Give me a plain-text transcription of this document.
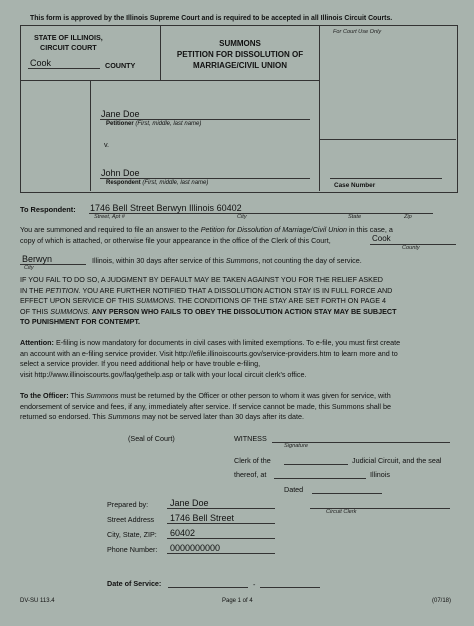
This form is approved by the Illinois Supreme Court and is required to be accepted in all Illinois Circuit Courts.
STATE OF ILLINOIS,
CIRCUIT COURT
Cook	COUNTY
SUMMONS
PETITION FOR DISSOLUTION OF
MARRIAGE/CIVIL UNION
For Court Use Only
Jane Doe
Petitioner (First, middle, last name)
v.
John Doe
Respondent (First, middle, last name)	Case Number
To Respondent: 1746 Bell Street Berwyn Illinois 60402
Street, Apt #	City	State	Zip
You are summoned and required to file an answer to the Petition for Dissolution of Marriage/Civil Union in this case, a
copy of which is attached, or otherwise file your appearance in the office of the Clerk of this Court,	Cook
County
Berwyn
City
Illinois, within 30 days after service of this Summons, not counting the day of service.

IF YOU FAIL TO DO SO, A JUDGMENT BY DEFAULT MAY BE TAKEN AGAINST YOU FOR THE RELIEF ASKED

IN THE PETITION. YOU ARE FURTHER NOTIFIED THAT A DISSOLUTION ACTION STAY IS IN FULL FORCE AND

EFFECT UPON SERVICE OF THIS SUMMONS. THE CONDITIONS OF THE STAY ARE SET FORTH ON PAGE 4

OF THIS SUMMONS. ANY PERSON WHO FAILS TO OBEY THE DISSOLUTION ACTION STAY MAY BE SUBJECT

TO PUNISHMENT FOR CONTEMPT.

Attention: E-filing is now mandatory for documents in civil cases with limited exemptions. To e-file, you must first create

an account with an e-filing service provider. Visit http://efile.illinoiscourts.gov/service-providers.htm to learn more and to

select a service provider. If you need additional help or have trouble e-filing,

visit http://www.illinoiscourts.gov/faq/gethelp.asp or talk with your local circuit clerk's office.

To the Officer: This Summons must be returned by the Officer or other person to whom it was given for service, with

endorsement of service and fees, if any, immediately after service. If service cannot be made, this Summons shall be

returned so endorsed. This Summons may not be served later than 30 days after its date.

(Seal of Court)	WITNESS
Signature
Clerk of the	Judicial Circuit, and the seal
thereof, at	Illinois
Dated
Circuit Clerk
Prepared by: Jane Doe
Street Address 1746 Bell Street
City, State, ZIP: 60402
Phone Number: 0000000000
Date of Service:	-
DV-SU 113.4	Page 1 of 4	(07/18)
